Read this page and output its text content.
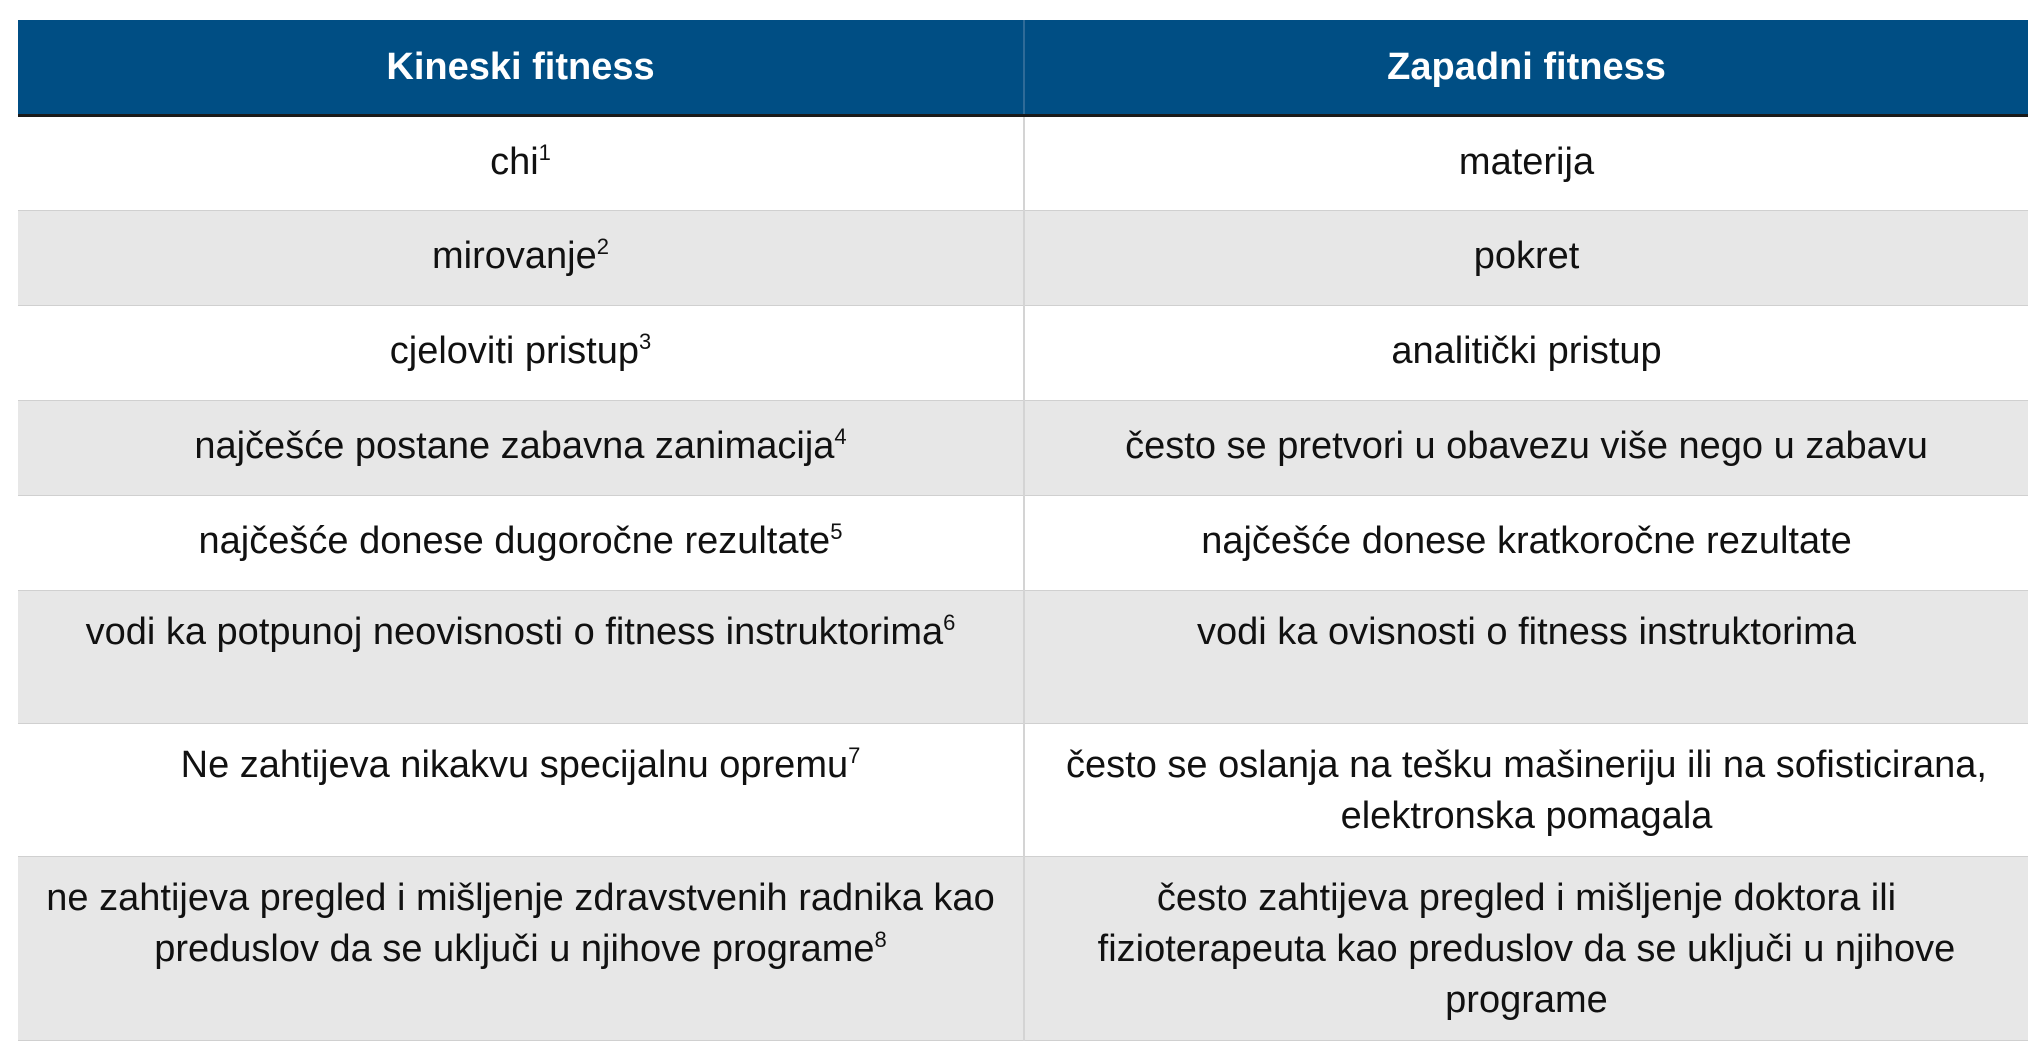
Kineski fitness	Zapadni fitness
chi$^1$	materija
mirovanje$^2$	pokret
cjeloviti pristup$^3$	analitički pristup
najčešće postane zabavna zanimacija$^4$	često se pretvori u obavezu više nego u zabavu
najčešće donese dugoročne rezultate$^5$	najčešće donese kratkoročne rezultate
vodi ka potpunoj neovisnosti o fitness instruktorima$^6$	vodi ka ovisnosti o fitness instruktorima
Ne zahtijeva nikakvu specijalnu opremu$^7$	često se oslanja na tešku mašineriju ili na sofisticirana, elektronska pomagala
ne zahtijeva pregled i mišljenje zdravstvenih radnika kao preduslov da se uključi u njihove programe$^8$	često zahtijeva pregled i mišljenje doktora ili fizioterapeuta kao preduslov da se uključi u njihove programe
